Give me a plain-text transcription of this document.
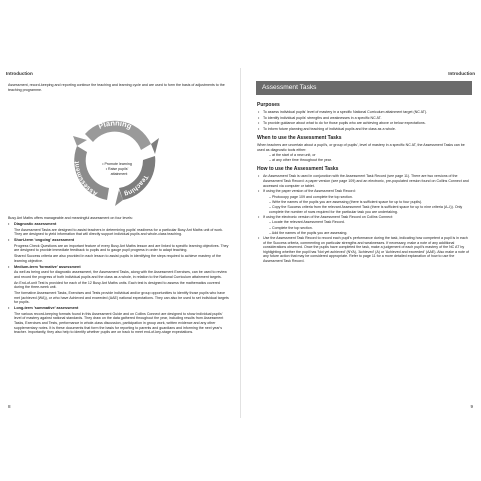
Introduction

Assessment, record-keeping and reporting continue the teaching and learning cycle and are used to form the basis of adjustments to the teaching programme.

Planning
Teaching
Assessment	• Promote learning
• Raise pupils'
attainment

Busy Ant Maths offers manageable and meaningful assessment on four levels:

• Diagnostic assessment

The Assessment Tasks are designed to assist teachers in determining pupils' readiness for a particular Busy Ant Maths unit of work. They are designed to yield information that will directly support individual pupils and whole-class teaching.

• Short-term 'ongoing' assessment

Progress Check Questions are an important feature of every Busy Ant Maths lesson and are linked to specific learning objectives. They are designed to provide immediate feedback to pupils and to gauge pupil progress in order to adapt teaching.

Shared Success criteria are also provided in each lesson to assist pupils in identifying the steps required to achieve mastery of the learning objective.

• Medium-term 'formative' assessment

As well as being used for diagnostic assessment, the Assessment Tasks, along with the Assessment Exercises, can be used to review and record the progress of both individual pupils and the class as a whole, in relation to the National Curriculum attainment targets.

An End-of-unit Test is provided for each of the 12 Busy Ant Maths units. Each test is designed to assess the mathematics covered during the three-week unit.

The formative Assessment Tasks, Exercises and Tests provide individual and/or group opportunities to identify those pupils who have met (achieved (WA)), or who have Achieved and exceeded (AAE) national expectations. They can also be used to set individual targets for pupils.

• Long-term 'summative' assessment

The various record-keeping formats found in this Assessment Guide and on Collins Connect are designed to show individual pupils' level of mastery against national standards. They draw on the data gathered throughout the year, including results from Assessment Tasks, Exercises and Tests, performance in whole-class discussion, participation in group work, written evidence and any other supplementary notes. It is these documents that form the basis for reporting to parents and guardians and informing the next year's teacher. Importantly, they also help to identify whether pupils are on track to meet end-of-key-stage expectations.

8
Introduction
9
Assessment Tasks
Purposes

• To assess individual pupils' level of mastery in a specific National Curriculum attainment target (NC AT).

• To identify individual pupils' strengths and weaknesses in a specific NC AT.

• To provide guidance about what to do for those pupils who are achieving above or below expectations.

• To inform future planning and teaching of individual pupils and the class as a whole.

When to use the Assessment Tasks

When teachers are uncertain about a pupil's, or group of pupils', level of mastery in a specific NC AT, the Assessment Tasks can be used as diagnostic tools either:

– at the start of a new unit, or

– at any other time throughout the year.

How to use the Assessment Tasks

• An Assessment Task is used in conjunction with the Assessment Task Record (see page 11). There are two versions of the Assessment Task Record: a paper version (see page 109) and an electronic, pre-populated version found on Collins Connect and accessed via computer or tablet.

• If using the paper version of the Assessment Task Record:

– Photocopy page 109 and complete the top section.

– Write the names of the pupils you are assessing (there is sufficient space for up to four pupils).

– Copy the Success criteria from the relevant Assessment Task (there is sufficient space for up to nine criteria (A–I)). Only complete the number of rows required for the particular task you are undertaking.

• If using the electronic version of the Assessment Task Record on Collins Connect:

– Locate the relevant Assessment Task Record.

– Complete the top section.

– Add the names of the pupils you are assessing.

• Use the Assessment Task Record to record each pupil's performance during the task, indicating how competent a pupil is in each of the Success criteria, commenting on particular strengths and weaknesses. If necessary, make a note of any additional considerations observed. Once the pupils have completed the task, make a judgement of each pupil's mastery of the NC AT by highlighting whether the pupil has 'Not yet achieved' (NYA), 'Achieved' (A) or 'Achieved and exceeded' (AAE). Also make a note of any future action that may be considered appropriate. Refer to page 11 for a more detailed explanation of how to use the Assessment Task Record.
